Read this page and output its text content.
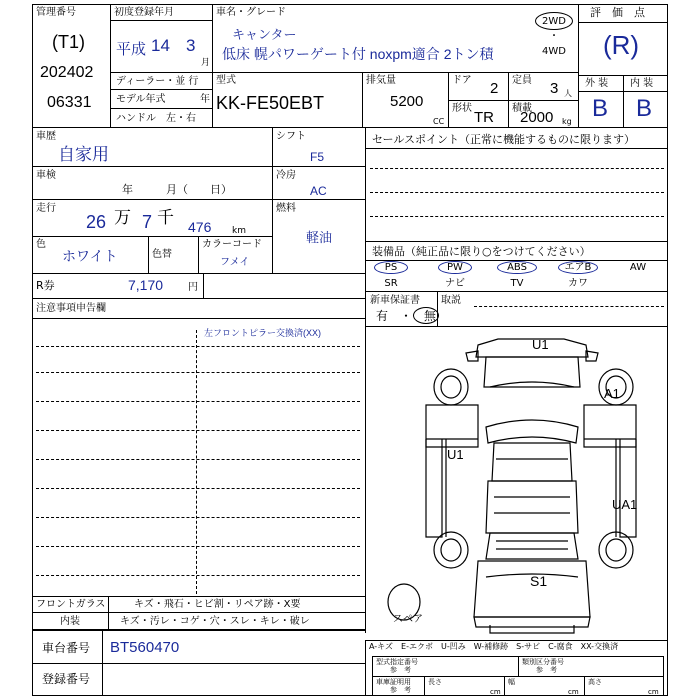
管理番号
(T1)
202402
06331
初度登録年月
平成 14 3
月
車名・グレード
キャンター
低床 幌パワーゲート付 noxpm適合 2トン積
2WD
・
4WD
評　価　点
(R)
外 装 内 装
B B
ディーラー・並 行
モデル年式	年
ハンドル　左・右
型式
KK-FE50EBT
排気量
5200
CC
ドア 2 定員 3 人
形状
TR
積載
2000 kg
車歴
自家用
車検
年　　　月（　　日）
走行
26 万 7 千 476 km
色
ホワイト	色替
カラーコード
フメイ
シフト
F5
冷房
AC
燃料
軽油
R券	7,170 円
注意事項申告欄
左フロントピラー交換済(XX)
フロントガラス	キズ・飛石・ヒビ割・リペア跡・X要
内装	キズ・汚レ・コゲ・穴・スレ・キレ・破レ
車台番号 BT560470
登録番号
セールスポイント（正常に機能するものに限ります）
装備品（純正品に限り○をつけてください）
PS	PW	ABS	エアB	AW
SR	ナビ	TV	カワ
新車保証書
有　・　無
取説
U1
A1
U1
UA1
S1
スペア
A-キズ　E-エクボ　U-凹み　W-補修跡　S-サビ　C-腐食　XX-交換済
型式指定番号
参　考
類別区分番号
参　考
車庫証明用
参　考
長さ
cm
幅
cm
高さ
cm
